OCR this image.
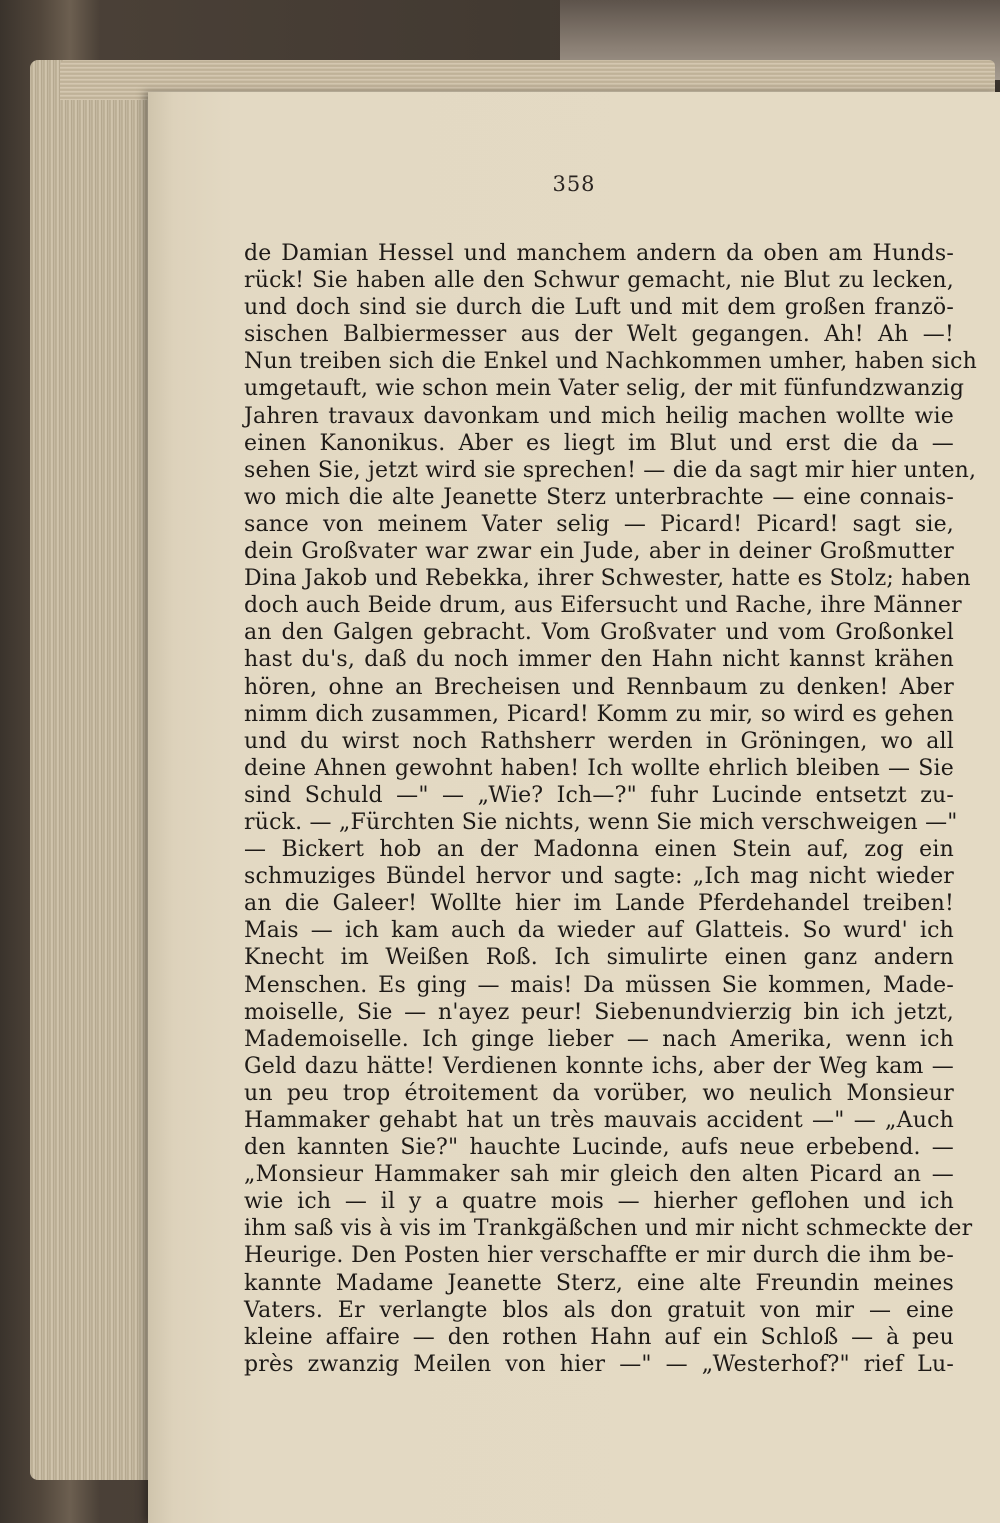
358
de Damian Hessel und manchem andern da oben am Hunds-
rück! Sie haben alle den Schwur gemacht, nie Blut zu lecken,
und doch sind sie durch die Luft und mit dem großen franzö-
sischen Balbiermesser aus der Welt gegangen. Ah! Ah —!
Nun treiben sich die Enkel und Nachkommen umher, haben sich
umgetauft, wie schon mein Vater selig, der mit fünfundzwanzig
Jahren travaux davonkam und mich heilig machen wollte wie
einen Kanonikus. Aber es liegt im Blut und erst die da —
sehen Sie, jetzt wird sie sprechen! — die da sagt mir hier unten,
wo mich die alte Jeanette Sterz unterbrachte — eine connais-
sance von meinem Vater selig — Picard! Picard! sagt sie,
dein Großvater war zwar ein Jude, aber in deiner Großmutter
Dina Jakob und Rebekka, ihrer Schwester, hatte es Stolz; haben
doch auch Beide drum, aus Eifersucht und Rache, ihre Männer
an den Galgen gebracht. Vom Großvater und vom Großonkel
hast du's, daß du noch immer den Hahn nicht kannst krähen
hören, ohne an Brecheisen und Rennbaum zu denken! Aber
nimm dich zusammen, Picard! Komm zu mir, so wird es gehen
und du wirst noch Rathsherr werden in Gröningen, wo all
deine Ahnen gewohnt haben! Ich wollte ehrlich bleiben — Sie
sind Schuld —" — „Wie? Ich—?" fuhr Lucinde entsetzt zu-
rück. — „Fürchten Sie nichts, wenn Sie mich verschweigen —"
— Bickert hob an der Madonna einen Stein auf, zog ein
schmuziges Bündel hervor und sagte: „Ich mag nicht wieder
an die Galeer! Wollte hier im Lande Pferdehandel treiben!
Mais — ich kam auch da wieder auf Glatteis. So wurd' ich
Knecht im Weißen Roß. Ich simulirte einen ganz andern
Menschen. Es ging — mais! Da müssen Sie kommen, Made-
moiselle, Sie — n'ayez peur! Siebenundvierzig bin ich jetzt,
Mademoiselle. Ich ginge lieber — nach Amerika, wenn ich
Geld dazu hätte! Verdienen konnte ichs, aber der Weg kam —
un peu trop étroitement da vorüber, wo neulich Monsieur
Hammaker gehabt hat un très mauvais accident —" — „Auch
den kannten Sie?" hauchte Lucinde, aufs neue erbebend. —
„Monsieur Hammaker sah mir gleich den alten Picard an —
wie ich — il y a quatre mois — hierher geflohen und ich
ihm saß vis à vis im Trankgäßchen und mir nicht schmeckte der
Heurige. Den Posten hier verschaffte er mir durch die ihm be-
kannte Madame Jeanette Sterz, eine alte Freundin meines
Vaters. Er verlangte blos als don gratuit von mir — eine
kleine affaire — den rothen Hahn auf ein Schloß — à peu
près zwanzig Meilen von hier —" — „Westerhof?" rief Lu-
